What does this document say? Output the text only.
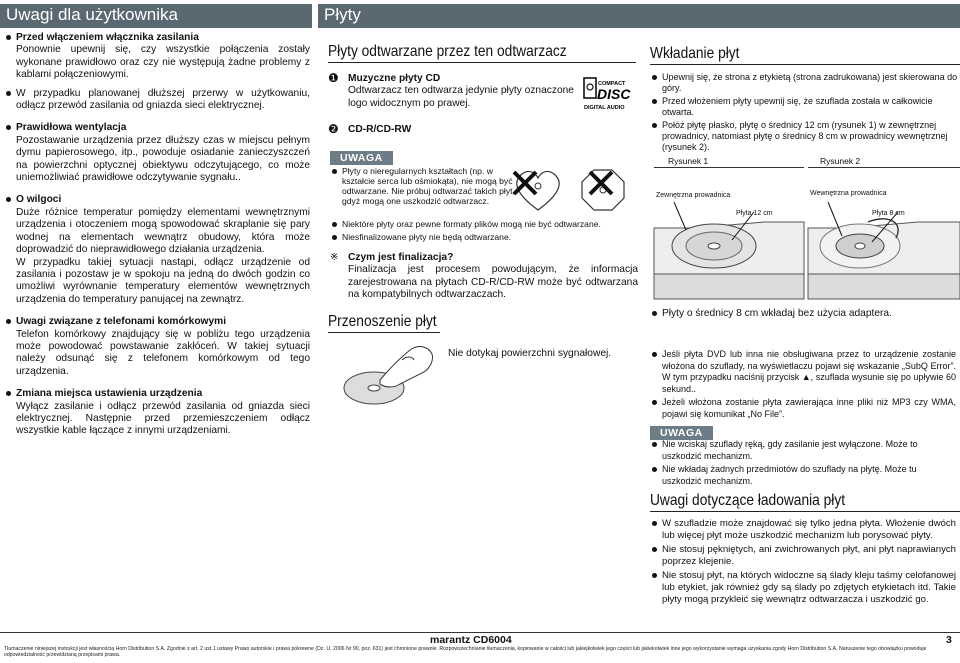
Uwagi dla użytkownika

Przed włączeniem włącznika zasilania

Ponownie upewnij się, czy wszystkie połączenia zostały wykonane prawidłowo oraz czy nie występują żadne problemy z kablami połączeniowymi.

W przypadku planowanej dłuższej przerwy w użytkowaniu, odłącz przewód zasilania od gniazda sieci elektrycznej.

Prawidłowa wentylacja

Pozostawanie urządzenia przez dłuższy czas w miejscu pełnym dymu papierosowego, itp., powoduje osiadanie zanieczyszczeń na powierzchni optycznej obiektywu odczytującego, co może uniemożliwiać prawidłowe odczytywanie sygnału..

O wilgoci

Duże różnice temperatur pomiędzy elementami wewnętrznymi urządzenia i otoczeniem mogą spowodować skraplanie się pary wodnej na elementach wewnątrz obudowy, która może doprowadzić do nieprawidłowego działania urządzenia.

W przypadku takiej sytuacji nastąpi, odłącz urządzenie od zasilania i pozostaw je w spokoju na jedną do dwóch godzin co umożliwi wyrównanie temperatury elementów wewnętrznych urządzenia do temperatury panującej na zewnątrz.

Uwagi związane z telefonami komórkowymi

Telefon komórkowy znajdujący się w pobliżu tego urządzenia może powodować powstawanie zakłóceń. W takiej sytuacji należy odsunąć się z telefonem komórkowym od tego urządzenia.

Zmiana miejsca ustawienia urządzenia

Wyłącz zasilanie i odłącz przewód zasilania od gniazda sieci elektrycznej. Następnie przed przemieszczeniem odłącz wszystkie kable łączące z innymi urządzeniami.

Płyty
Płyty odtwarzane przez ten odtwarzacz
❶ Muzyczne płyty CD

Odtwarzacz ten odtwarza jedynie płyty oznaczone logo widocznym po prawej.

❷ CD-R/CD-RW

COMPACT
DISC
DIGITAL AUDIO
UWAGA

Płyty o nieregularnych kształtach (np. w kształcie serca lub ośmiokąta), nie mogą być odtwarzane. Nie próbuj odtwarzać takich płyt, gdyż mogą one uszkodzić odtwarzacz.

Niektóre płyty oraz pewne formaty plików mogą nie być odtwarzane.

Niesfinalizowane płyty nie będą odtwarzane.

※ Czym jest finalizacja?

Finalizacja jest procesem powodującym, że informacja zarejestrowana na płytach CD-R/CD-RW może być odtwarzana na kompatybilnych odtwarzaczach.

Przenoszenie płyt
Nie dotykaj powierzchni sygnałowej.
Wkładanie płyt

Upewnij się, że strona z etykietą (strona zadrukowana) jest skierowana do góry.

Przed włożeniem płyty upewnij się, że szuflada została w całkowicie otwarta.

Połóż płytę płasko, płytę o średnicy 12 cm (rysunek 1) w zewnętrznej prowadnicy, natomiast płytę o średnicy 8 cm w prowadnicy wewnętrznej (rysunek 2).

Rysunek 1
Zewnętrzna prowadnica
Płyta 12 cm
Rysunek 2
Wewnętrzna prowadnica
Płyta 8 cm

Płyty o średnicy 8 cm wkładaj bez użycia adaptera.

Jeśli płyta DVD lub inna nie obsługiwana przez to urządzenie zostanie włożona do szuflady, na wyświetlaczu pojawi się wskazanie „SubQ Error”. W tym przypadku naciśnij przycisk ▲, szuflada wysunie się po upływie 60 sekund..

Jeżeli włożona zostanie płyta zawierająca inne pliki niż MP3 czy WMA, pojawi się komunikat „No File”.

UWAGA

Nie wciskaj szuflady ręką, gdy zasilanie jest wyłączone. Może to uszkodzić mechanizm.

Nie wkładaj żadnych przedmiotów do szuflady na płytę. Może tu uszkodzić mechanizm.

Uwagi dotyczące ładowania płyt

W szufladzie może znajdować się tylko jedna płyta. Włożenie dwóch lub więcej płyt może uszkodzić mechanizm lub porysować płyty.

Nie stosuj pękniętych, ani zwichrowanych płyt, ani płyt naprawianych poprzez klejenie.

Nie stosuj płyt, na których widoczne są ślady kleju taśmy celofanowej lub etykiet, jak również gdy są ślady po zdjętych etykietach itd. Takie płyty mogą przykleić się wewnątrz odtwarzacza i uszkodzić go.

marantz CD6004	3
Tłumaczenie niniejszej instrukcji jest własnością Horn Distribution S.A. Zgodnie z art. 2 ust.1 ustawy Prawo autorskie i prawa pokrewne (Dz. U. 2006 Nr 90, poz. 631) jest chronione prawnie. Rozpowszechnianie tłumaczenia, kopiowanie w całości lub jakiejkolwiek jego części lub jakiekolwiek inne jego wykorzystanie wymaga uzyskania zgody Horn Distribution S.A. Naruszenie tego obowiązku powoduje odpowiedzialność przewidzianą przepisami prawa.
